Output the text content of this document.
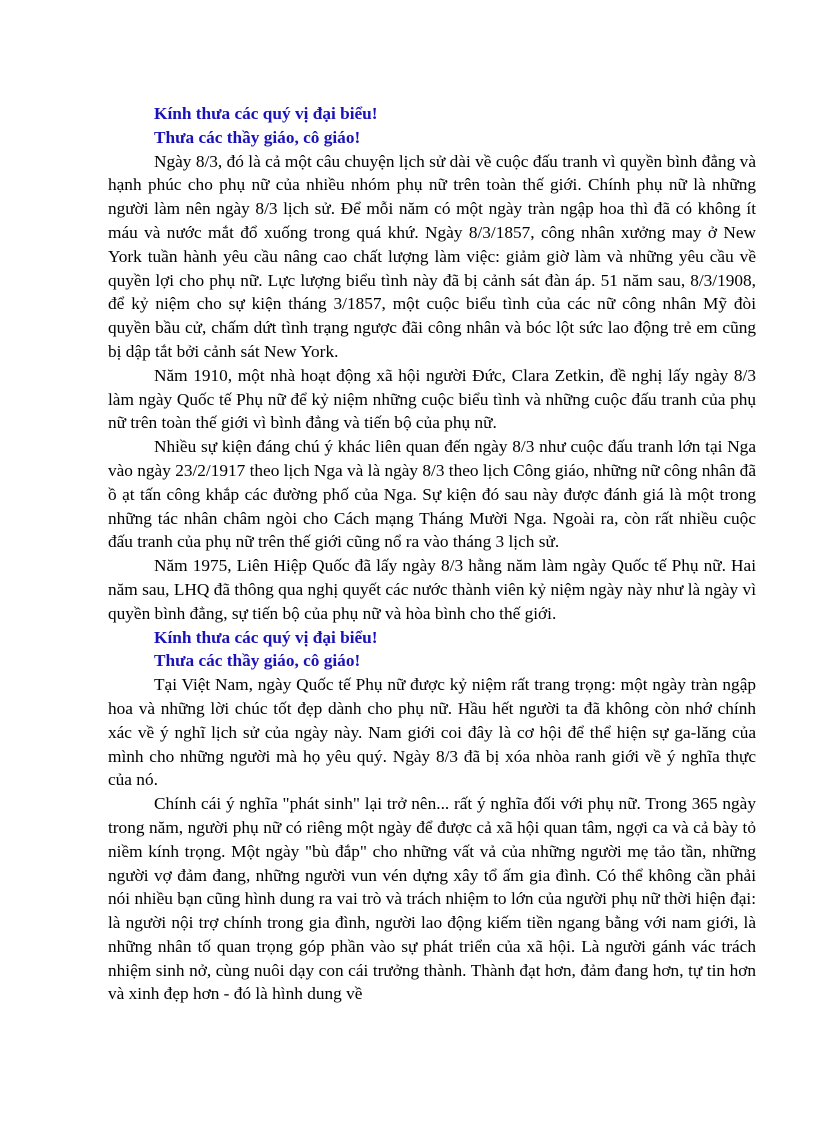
Kính thưa các quý vị đại biểu!

Thưa các thầy giáo, cô giáo!

Ngày 8/3, đó là cả một câu chuyện lịch sử dài về cuộc đấu tranh vì quyền bình đẳng và hạnh phúc cho phụ nữ của nhiều nhóm phụ nữ trên toàn thế giới. Chính phụ nữ là những người làm nên ngày 8/3 lịch sử. Để mỗi năm có một ngày tràn ngập hoa thì đã có không ít máu và nước mắt đổ xuống trong quá khứ. Ngày 8/3/1857, công nhân xưởng may ở New York tuần hành yêu cầu nâng cao chất lượng làm việc: giảm giờ làm và những yêu cầu về quyền lợi cho phụ nữ. Lực lượng biểu tình này đã bị cảnh sát đàn áp. 51 năm sau, 8/3/1908, để kỷ niệm cho sự kiện tháng 3/1857, một cuộc biểu tình của các nữ công nhân Mỹ đòi quyền bầu cử, chấm dứt tình trạng ngược đãi công nhân và bóc lột sức lao động trẻ em cũng bị dập tắt bởi cảnh sát New York.

Năm 1910, một nhà hoạt động xã hội người Đức, Clara Zetkin, đề nghị lấy ngày 8/3 làm ngày Quốc tế Phụ nữ để kỷ niệm những cuộc biểu tình và những cuộc đấu tranh của phụ nữ trên toàn thế giới vì bình đẳng và tiến bộ của phụ nữ.

Nhiều sự kiện đáng chú ý khác liên quan đến ngày 8/3 như cuộc đấu tranh lớn tại Nga vào ngày 23/2/1917 theo lịch Nga và là ngày 8/3 theo lịch Công giáo, những nữ công nhân đã ồ ạt tấn công khắp các đường phố của Nga. Sự kiện đó sau này được đánh giá là một trong những tác nhân châm ngòi cho Cách mạng Tháng Mười Nga. Ngoài ra, còn rất nhiều cuộc đấu tranh của phụ nữ trên thế giới cũng nổ ra vào tháng 3 lịch sử.

Năm 1975, Liên Hiệp Quốc đã lấy ngày 8/3 hằng năm làm ngày Quốc tế Phụ nữ. Hai năm sau, LHQ đã thông qua nghị quyết các nước thành viên kỷ niệm ngày này như là ngày vì quyền bình đẳng, sự tiến bộ của phụ nữ và hòa bình cho thế giới.

Kính thưa các quý vị đại biểu!

Thưa các thầy giáo, cô giáo!

Tại Việt Nam, ngày Quốc tế Phụ nữ được kỷ niệm rất trang trọng: một ngày tràn ngập hoa và những lời chúc tốt đẹp dành cho phụ nữ. Hầu hết người ta đã không còn nhớ chính xác về ý nghĩ lịch sử của ngày này. Nam giới coi đây là cơ hội để thể hiện sự ga-lăng của mình cho những người mà họ yêu quý. Ngày 8/3 đã bị xóa nhòa ranh giới về ý nghĩa thực của nó.

Chính cái ý nghĩa "phát sinh" lại trở nên... rất ý nghĩa đối với phụ nữ. Trong 365 ngày trong năm, người phụ nữ có riêng một ngày để được cả xã hội quan tâm, ngợi ca và cả bày tỏ niềm kính trọng. Một ngày "bù đắp" cho những vất vả của những người mẹ tảo tần, những người vợ đảm đang, những người vun vén dựng xây tổ ấm gia đình. Có thể không cần phải nói nhiều bạn cũng hình dung ra vai trò và trách nhiệm to lớn của người phụ nữ thời hiện đại: là người nội trợ chính trong gia đình, người lao động kiếm tiền ngang bằng với nam giới, là những nhân tố quan trọng góp phần vào sự phát triển của xã hội. Là người gánh vác trách nhiệm sinh nở, cùng nuôi dạy con cái trưởng thành. Thành đạt hơn, đảm đang hơn, tự tin hơn và xinh đẹp hơn - đó là hình dung về
